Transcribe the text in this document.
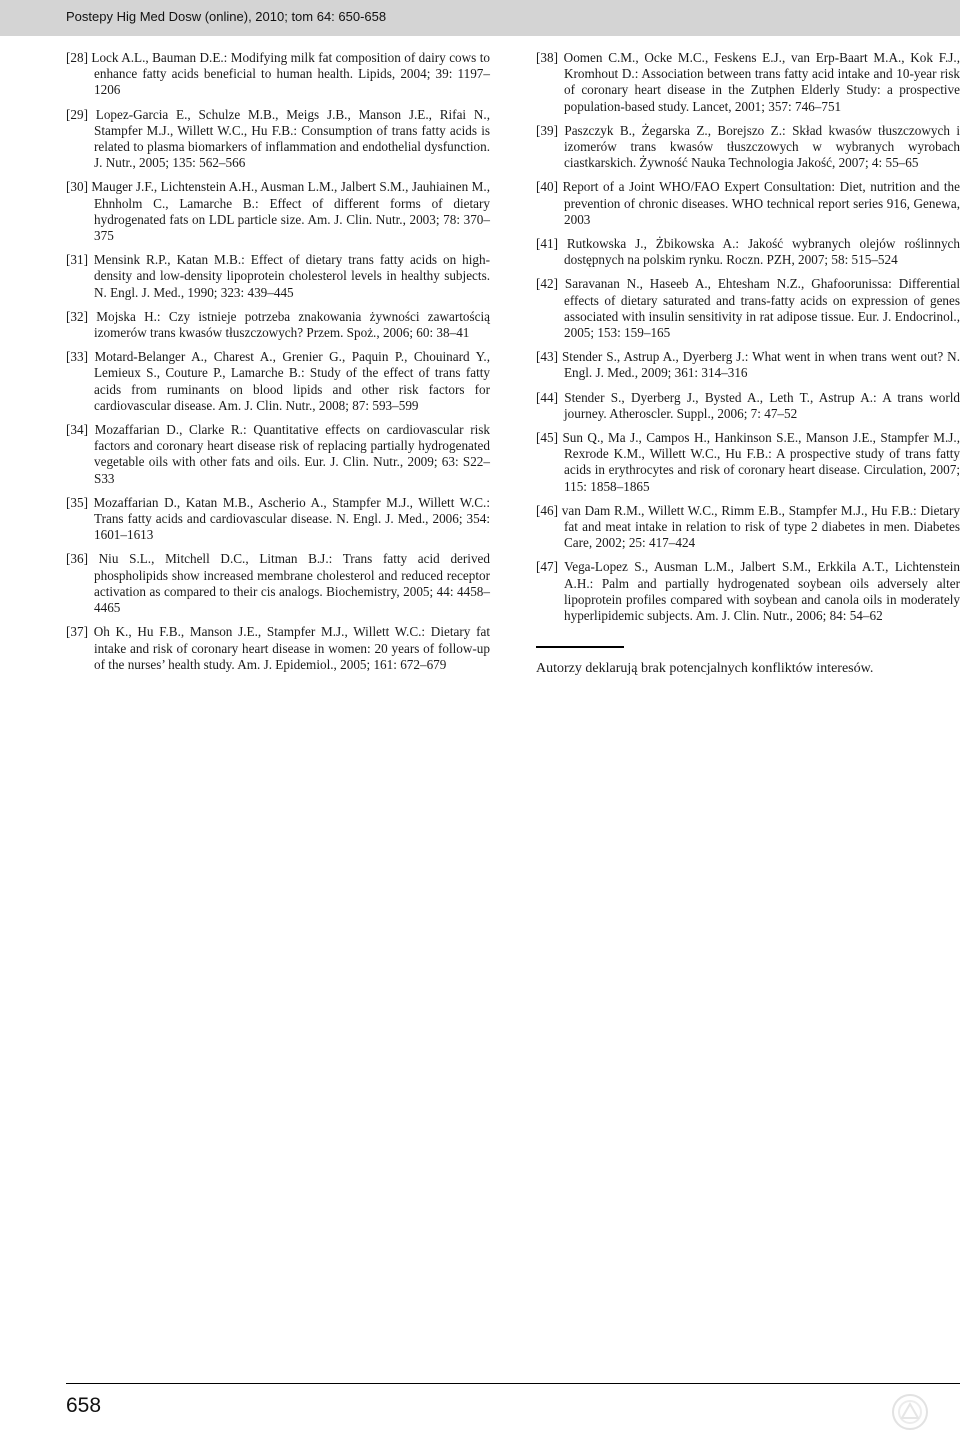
Postepy Hig Med Dosw (online), 2010; tom 64: 650-658

[28] Lock A.L., Bauman D.E.: Modifying milk fat composition of dairy cows to enhance fatty acids beneficial to human health. Lipids, 2004; 39: 1197–1206

[29] Lopez-Garcia E., Schulze M.B., Meigs J.B., Manson J.E., Rifai N., Stampfer M.J., Willett W.C., Hu F.B.: Consumption of trans fatty acids is related to plasma biomarkers of inflammation and endothelial dysfunction. J. Nutr., 2005; 135: 562–566

[30] Mauger J.F., Lichtenstein A.H., Ausman L.M., Jalbert S.M., Jauhiainen M., Ehnholm C., Lamarche B.: Effect of different forms of dietary hydrogenated fats on LDL particle size. Am. J. Clin. Nutr., 2003; 78: 370–375

[31] Mensink R.P., Katan M.B.: Effect of dietary trans fatty acids on high-density and low-density lipoprotein cholesterol levels in healthy subjects. N. Engl. J. Med., 1990; 323: 439–445

[32] Mojska H.: Czy istnieje potrzeba znakowania żywności zawartością izomerów trans kwasów tłuszczowych? Przem. Spoż., 2006; 60: 38–41

[33] Motard-Belanger A., Charest A., Grenier G., Paquin P., Chouinard Y., Lemieux S., Couture P., Lamarche B.: Study of the effect of trans fatty acids from ruminants on blood lipids and other risk factors for cardiovascular disease. Am. J. Clin. Nutr., 2008; 87: 593–599

[34] Mozaffarian D., Clarke R.: Quantitative effects on cardiovascular risk factors and coronary heart disease risk of replacing partially hydrogenated vegetable oils with other fats and oils. Eur. J. Clin. Nutr., 2009; 63: S22–S33

[35] Mozaffarian D., Katan M.B., Ascherio A., Stampfer M.J., Willett W.C.: Trans fatty acids and cardiovascular disease. N. Engl. J. Med., 2006; 354: 1601–1613

[36] Niu S.L., Mitchell D.C., Litman B.J.: Trans fatty acid derived phospholipids show increased membrane cholesterol and reduced receptor activation as compared to their cis analogs. Biochemistry, 2005; 44: 4458–4465

[37] Oh K., Hu F.B., Manson J.E., Stampfer M.J., Willett W.C.: Dietary fat intake and risk of coronary heart disease in women: 20 years of follow-up of the nurses’ health study. Am. J. Epidemiol., 2005; 161: 672–679

[38] Oomen C.M., Ocke M.C., Feskens E.J., van Erp-Baart M.A., Kok F.J., Kromhout D.: Association between trans fatty acid intake and 10-year risk of coronary heart disease in the Zutphen Elderly Study: a prospective population-based study. Lancet, 2001; 357: 746–751

[39] Paszczyk B., Żegarska Z., Borejszo Z.: Skład kwasów tłuszczowych i izomerów trans kwasów tłuszczowych w wybranych wyrobach ciastkarskich. Żywność Nauka Technologia Jakość, 2007; 4: 55–65

[40] Report of a Joint WHO/FAO Expert Consultation: Diet, nutrition and the prevention of chronic diseases. WHO technical report series 916, Genewa, 2003

[41] Rutkowska J., Żbikowska A.: Jakość wybranych olejów roślinnych dostępnych na polskim rynku. Roczn. PZH, 2007; 58: 515–524

[42] Saravanan N., Haseeb A., Ehtesham N.Z., Ghafoorunissa: Differential effects of dietary saturated and trans-fatty acids on expression of genes associated with insulin sensitivity in rat adipose tissue. Eur. J. Endocrinol., 2005; 153: 159–165

[43] Stender S., Astrup A., Dyerberg J.: What went in when trans went out? N. Engl. J. Med., 2009; 361: 314–316

[44] Stender S., Dyerberg J., Bysted A., Leth T., Astrup A.: A trans world journey. Atheroscler. Suppl., 2006; 7: 47–52

[45] Sun Q., Ma J., Campos H., Hankinson S.E., Manson J.E., Stampfer M.J., Rexrode K.M., Willett W.C., Hu F.B.: A prospective study of trans fatty acids in erythrocytes and risk of coronary heart disease. Circulation, 2007; 115: 1858–1865

[46] van Dam R.M., Willett W.C., Rimm E.B., Stampfer M.J., Hu F.B.: Dietary fat and meat intake in relation to risk of type 2 diabetes in men. Diabetes Care, 2002; 25: 417–424

[47] Vega-Lopez S., Ausman L.M., Jalbert S.M., Erkkila A.T., Lichtenstein A.H.: Palm and partially hydrogenated soybean oils adversely alter lipoprotein profiles compared with soybean and canola oils in moderately hyperlipidemic subjects. Am. J. Clin. Nutr., 2006; 84: 54–62

Autorzy deklarują brak potencjalnych konfliktów interesów.

658
